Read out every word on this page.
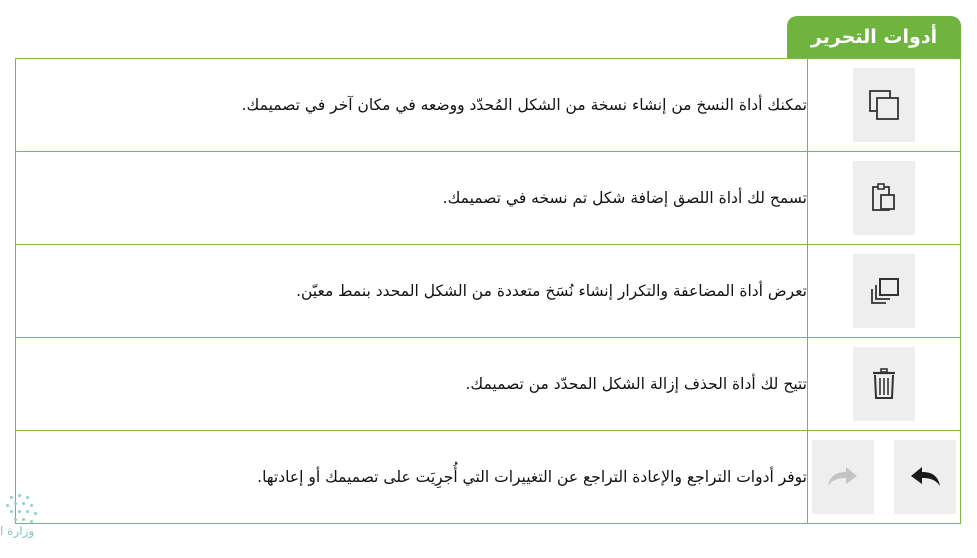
أدوات التحرير
	تمكنك أداة النسخ من إنشاء نسخة من الشكل المُحدّد ووضعه في مكان آخر في تصميمك.

	تسمح لك أداة اللصق إضافة شكل تم نسخه في تصميمك.

	تعرض أداة المضاعفة والتكرار إنشاء نُسَخ متعددة من الشكل المحدد بنمط معيّن.

	تتيح لك أداة الحذف إزالة الشكل المحدّد من تصميمك.

	توفر أدوات التراجع والإعادة التراجع عن التغييرات التي أُجرِيَت على تصميمك أو إعادتها.
وزارة ا
